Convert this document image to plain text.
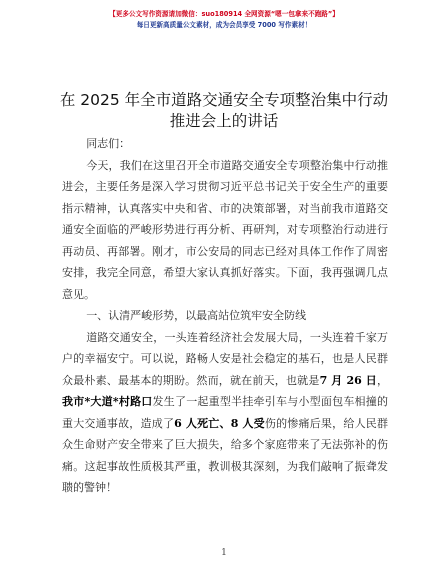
【更多公文写作资源请加微信：suo180914 全网资源“嗯一包拿来不跑路”】
每日更新高质量公文素材，成为会员享受 7000 写作素材！
在 2025 年全市道路交通安全专项整治集中行动
推进会上的讲话

同志们：

今天，我们在这里召开全市道路交通安全专项整治集中行动推进会，主要任务是深入学习贯彻习近平总书记关于安全生产的重要指示精神，认真落实中央和省、市的决策部署，对当前我市道路交通安全面临的严峻形势进行再分析、再研判，对专项整治行动进行再动员、再部署。刚才，市公安局的同志已经对具体工作作了周密安排，我完全同意，希望大家认真抓好落实。下面，我再强调几点意见。

一、认清严峻形势，以最高站位筑牢安全防线

道路交通安全，一头连着经济社会发展大局，一头连着千家万户的幸福安宁。可以说，路畅人安是社会稳定的基石，也是人民群众最朴素、最基本的期盼。然而，就在前天，也就是7 月 26 日，我市*大道*村路口发生了一起重型半挂牵引车与小型面包车相撞的重大交通事故，造成了6 人死亡、8 人受伤的惨痛后果，给人民群众生命财产安全带来了巨大损失，给多个家庭带来了无法弥补的伤痛。这起事故性质极其严重，教训极其深刻，为我们敲响了振聋发聩的警钟！

1
